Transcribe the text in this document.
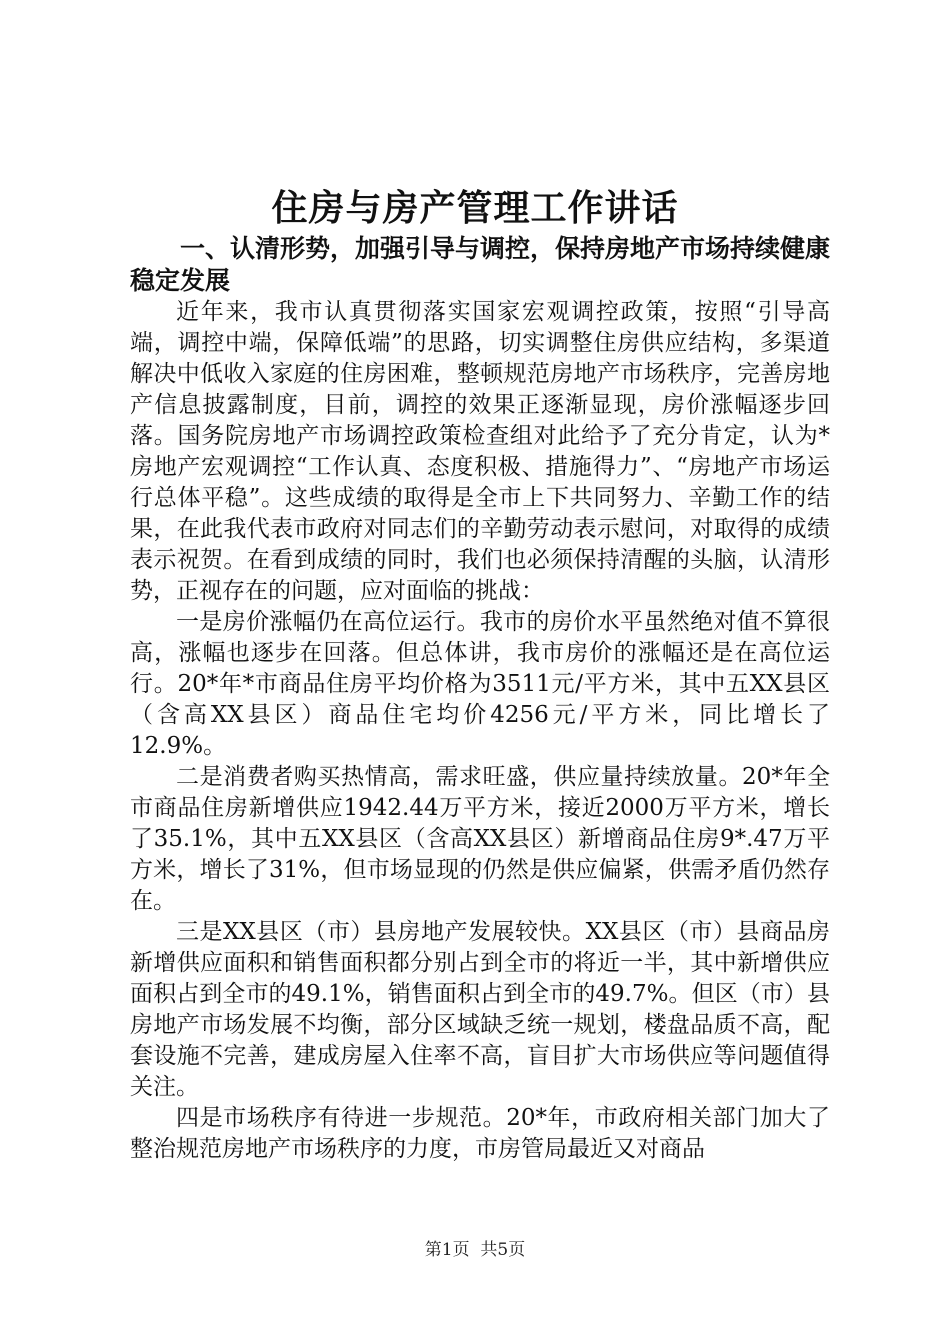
住房与房产管理工作讲话

一、认清形势，加强引导与调控，保持房地产市场持续健康稳定发展

近年来，我市认真贯彻落实国家宏观调控政策，按照“引导高端，调控中端，保障低端”的思路，切实调整住房供应结构，多渠道解决中低收入家庭的住房困难，整顿规范房地产市场秩序，完善房地产信息披露制度，目前，调控的效果正逐渐显现，房价涨幅逐步回落。国务院房地产市场调控政策检查组对此给予了充分肯定，认为*房地产宏观调控“工作认真、态度积极、措施得力”、“房地产市场运行总体平稳”。这些成绩的取得是全市上下共同努力、辛勤工作的结果，在此我代表市政府对同志们的辛勤劳动表示慰问，对取得的成绩表示祝贺。在看到成绩的同时，我们也必须保持清醒的头脑，认清形势，正视存在的问题，应对面临的挑战：

一是房价涨幅仍在高位运行。我市的房价水平虽然绝对值不算很高，涨幅也逐步在回落。但总体讲，我市房价的涨幅还是在高位运行。20*年*市商品住房平均价格为3511元/平方米，其中五XX县区（含高XX县区）商品住宅均价4256元/平方米，同比增长了12.9%。

二是消费者购买热情高，需求旺盛，供应量持续放量。20*年全市商品住房新增供应1942.44万平方米，接近2000万平方米，增长了35.1%，其中五XX县区（含高XX县区）新增商品住房9*.47万平方米，增长了31%，但市场显现的仍然是供应偏紧，供需矛盾仍然存在。

三是XX县区（市）县房地产发展较快。XX县区（市）县商品房新增供应面积和销售面积都分别占到全市的将近一半，其中新增供应面积占到全市的49.1%，销售面积占到全市的49.7%。但区（市）县房地产市场发展不均衡，部分区域缺乏统一规划，楼盘品质不高，配套设施不完善，建成房屋入住率不高，盲目扩大市场供应等问题值得关注。

四是市场秩序有待进一步规范。20*年，市政府相关部门加大了整治规范房地产市场秩序的力度，市房管局最近又对商品

第1页 共5页
